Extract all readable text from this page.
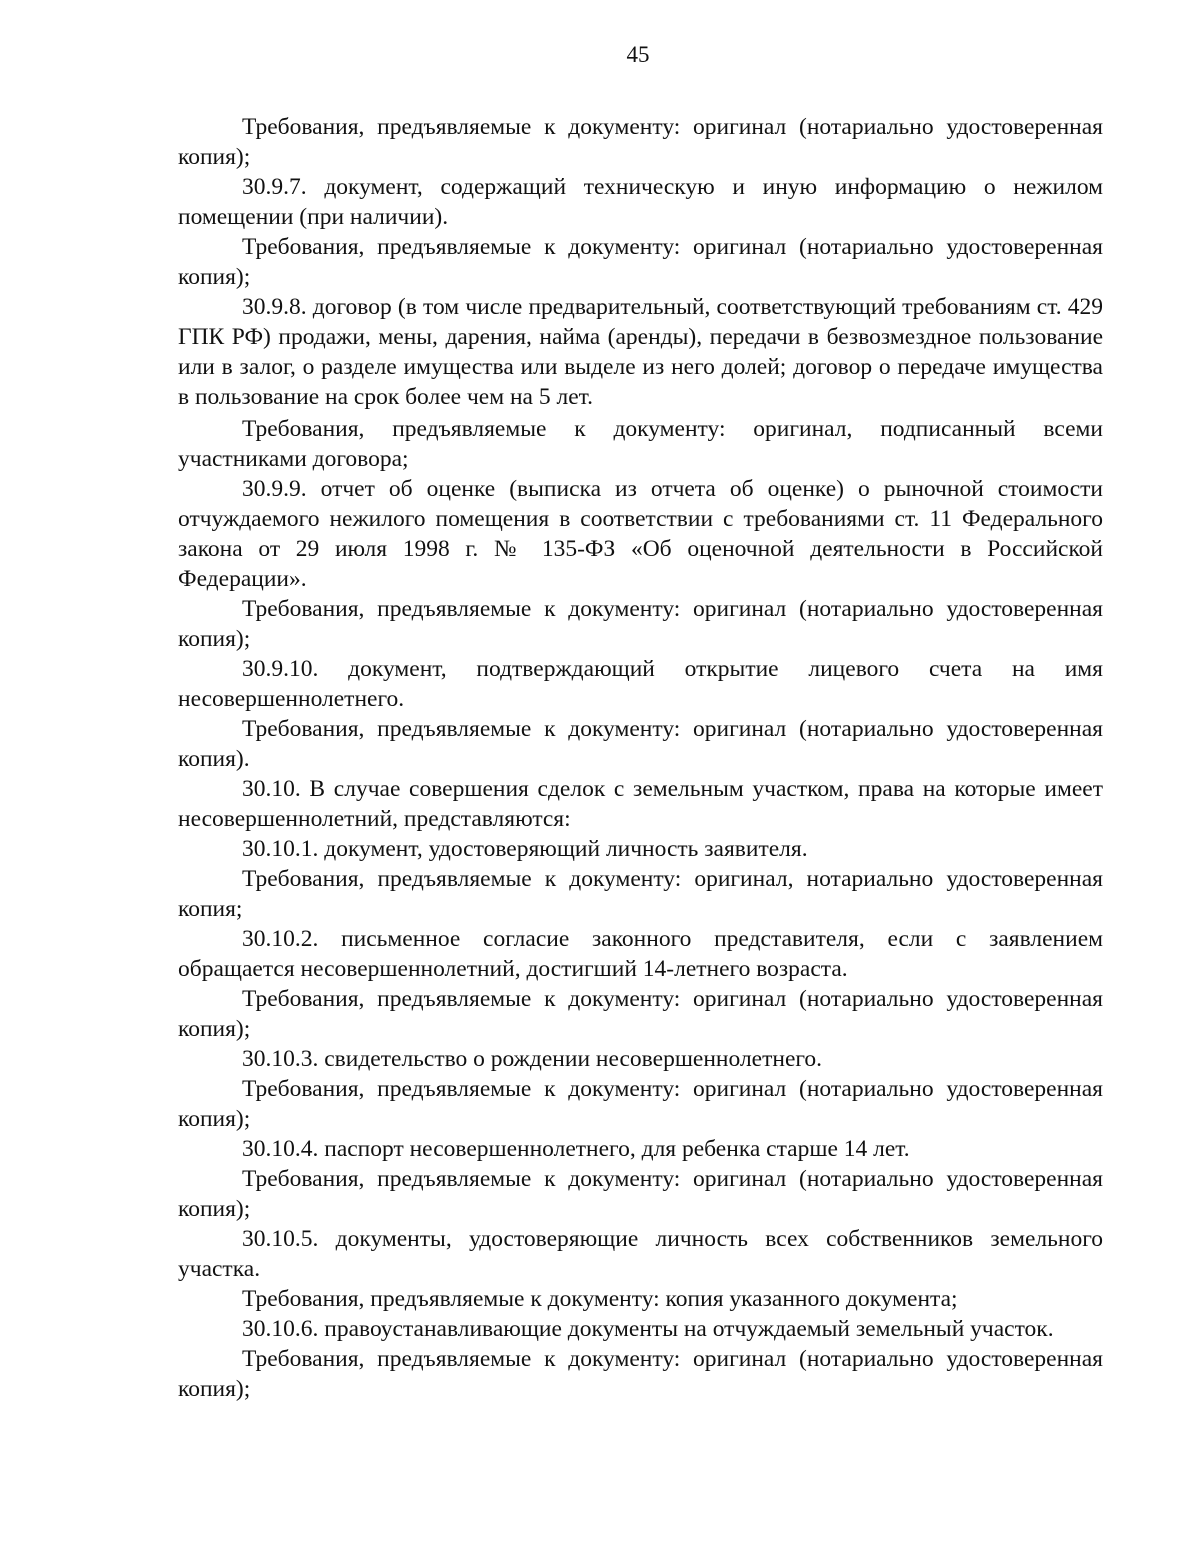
45

Требования, предъявляемые к документу: оригинал (нотариально удостоверенная копия);

30.9.7. документ, содержащий техническую и иную информацию о нежилом помещении (при наличии).

Требования, предъявляемые к документу: оригинал (нотариально удостоверенная копия);

30.9.8. договор (в том числе предварительный, соответствующий требованиям ст. 429 ГПК РФ) продажи, мены, дарения, найма (аренды), передачи в безвозмездное пользование или в залог, о разделе имущества или выделе из него долей; договор о передаче имущества в пользование на срок более чем на 5 лет.

Требования, предъявляемые к документу: оригинал, подписанный всеми участниками договора;

30.9.9. отчет об оценке (выписка из отчета об оценке) о рыночной стоимости отчуждаемого нежилого помещения в соответствии с требованиями ст. 11 Федерального закона от 29 июля 1998 г. № 135-ФЗ «Об оценочной деятельности в Российской Федерации».

Требования, предъявляемые к документу: оригинал (нотариально удостоверенная копия);

30.9.10. документ, подтверждающий открытие лицевого счета на имя несовершеннолетнего.

Требования, предъявляемые к документу: оригинал (нотариально удостоверенная копия).

30.10. В случае совершения сделок с земельным участком, права на которые имеет несовершеннолетний, представляются:

30.10.1. документ, удостоверяющий личность заявителя.

Требования, предъявляемые к документу: оригинал, нотариально удостоверенная копия;

30.10.2. письменное согласие законного представителя, если с заявлением обращается несовершеннолетний, достигший 14-летнего возраста.

Требования, предъявляемые к документу: оригинал (нотариально удостоверенная копия);

30.10.3. свидетельство о рождении несовершеннолетнего.

Требования, предъявляемые к документу: оригинал (нотариально удостоверенная копия);

30.10.4. паспорт несовершеннолетнего, для ребенка старше 14 лет.

Требования, предъявляемые к документу: оригинал (нотариально удостоверенная копия);

30.10.5. документы, удостоверяющие личность всех собственников земельного участка.

Требования, предъявляемые к документу: копия указанного документа;

30.10.6. правоустанавливающие документы на отчуждаемый земельный участок.

Требования, предъявляемые к документу: оригинал (нотариально удостоверенная копия);
